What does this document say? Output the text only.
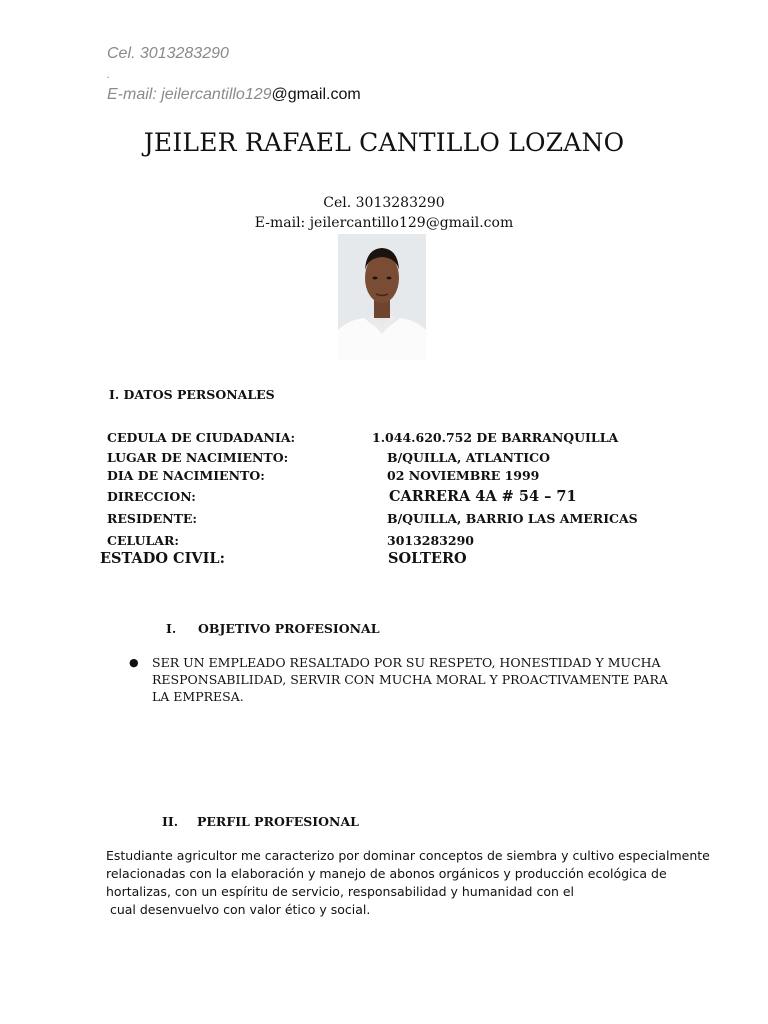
Cel. 3013283290
.
E-mail: jeilercantillo129@gmail.com
JEILER RAFAEL CANTILLO LOZANO
Cel. 3013283290
E-mail: jeilercantillo129@gmail.com
I. DATOS PERSONALES
CEDULA DE CIUDADANIA:	1.044.620.752 DE BARRANQUILLA
LUGAR DE NACIMIENTO:	B/QUILLA, ATLANTICO
DIA DE NACIMIENTO:	02 NOVIEMBRE 1999
DIRECCION:	CARRERA 4A # 54 – 71
RESIDENTE:	B/QUILLA, BARRIO LAS AMERICAS
CELULAR:	3013283290
ESTADO CIVIL:	SOLTERO
I. OBJETIVO PROFESIONAL
● SER UN EMPLEADO RESALTADO POR SU RESPETO, HONESTIDAD Y MUCHA
RESPONSABILIDAD, SERVIR CON MUCHA MORAL Y PROACTIVAMENTE PARA
LA EMPRESA.
II. PERFIL PROFESIONAL
Estudiante agricultor me caracterizo por dominar conceptos de siembra y cultivo especialmente
relacionadas con la elaboración y manejo de abonos orgánicos y producción ecológica de
hortalizas, con un espíritu de servicio, responsabilidad y humanidad con el
cual desenvuelvo con valor ético y social.
